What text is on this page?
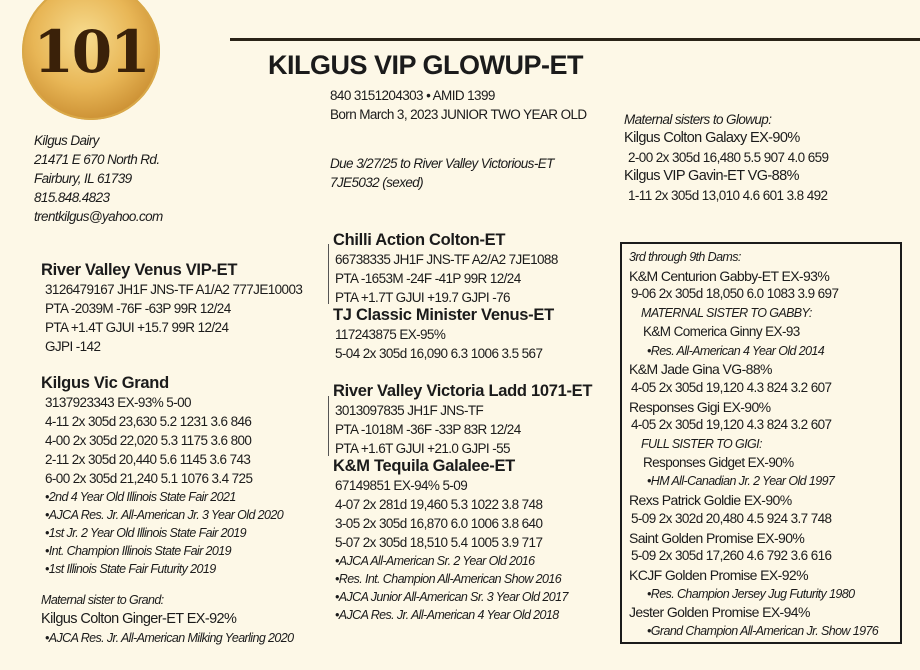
101	KILGUS VIP GLOWUP-ET
840 3151204303 • AMID 1399
Born March 3, 2023 JUNIOR TWO YEAR OLD
Due 3/27/25 to River Valley Victorious-ET
7JE5032 (sexed)
Kilgus Dairy
21471 E 670 North Rd.
Fairbury, IL 61739
815.848.4823
trentkilgus@yahoo.com
Maternal sisters to Glowup:
Kilgus Colton Galaxy EX-90%
2-00 2x 305d 16,480 5.5 907 4.0 659
Kilgus VIP Gavin-ET VG-88%
1-11 2x 305d 13,010 4.6 601 3.8 492
River Valley Venus VIP-ET
3126479167 JH1F JNS-TF A1/A2 777JE10003
PTA -2039M -76F -63P 99R 12/24
PTA +1.4T GJUI +15.7 99R 12/24
GJPI -142
Kilgus Vic Grand
3137923343 EX-93% 5-00
4-11 2x 305d 23,630 5.2 1231 3.6 846
4-00 2x 305d 22,020 5.3 1175 3.6 800
2-11 2x 305d 20,440 5.6 1145 3.6 743
6-00 2x 305d 21,240 5.1 1076 3.4 725
•2nd 4 Year Old Illinois State Fair 2021
•AJCA Res. Jr. All-American Jr. 3 Year Old 2020
•1st Jr. 2 Year Old Illinois State Fair 2019
•Int. Champion Illinois State Fair 2019
•1st Illinois State Fair Futurity 2019
Maternal sister to Grand:
Kilgus Colton Ginger-ET EX-92%
•AJCA Res. Jr. All-American Milking Yearling 2020
Chilli Action Colton-ET
66738335 JH1F JNS-TF A2/A2 7JE1088
PTA -1653M -24F -41P 99R 12/24
PTA +1.7T GJUI +19.7 GJPI -76
TJ Classic Minister Venus-ET
117243875 EX-95%
5-04 2x 305d 16,090 6.3 1006 3.5 567
River Valley Victoria Ladd 1071-ET
3013097835 JH1F JNS-TF
PTA -1018M -36F -33P 83R 12/24
PTA +1.6T GJUI +21.0 GJPI -55
K&M Tequila Galalee-ET
67149851 EX-94% 5-09
4-07 2x 281d 19,460 5.3 1022 3.8 748
3-05 2x 305d 16,870 6.0 1006 3.8 640
5-07 2x 305d 18,510 5.4 1005 3.9 717
•AJCA All-American Sr. 2 Year Old 2016
•Res. Int. Champion All-American Show 2016
•AJCA Junior All-American Sr. 3 Year Old 2017
•AJCA Res. Jr. All-American 4 Year Old 2018
3rd through 9th Dams:
K&M Centurion Gabby-ET EX-93%
9-06 2x 305d 18,050 6.0 1083 3.9 697
MATERNAL SISTER TO GABBY:
K&M Comerica Ginny EX-93
•Res. All-American 4 Year Old 2014
K&M Jade Gina VG-88%
4-05 2x 305d 19,120 4.3 824 3.2 607
Responses Gigi EX-90%
4-05 2x 305d 19,120 4.3 824 3.2 607
FULL SISTER TO GIGI:
Responses Gidget EX-90%
•HM All-Canadian Jr. 2 Year Old 1997
Rexs Patrick Goldie EX-90%
5-09 2x 302d 20,480 4.5 924 3.7 748
Saint Golden Promise EX-90%
5-09 2x 305d 17,260 4.6 792 3.6 616
KCJF Golden Promise EX-92%
•Res. Champion Jersey Jug Futurity 1980
Jester Golden Promise EX-94%
•Grand Champion All-American Jr. Show 1976
